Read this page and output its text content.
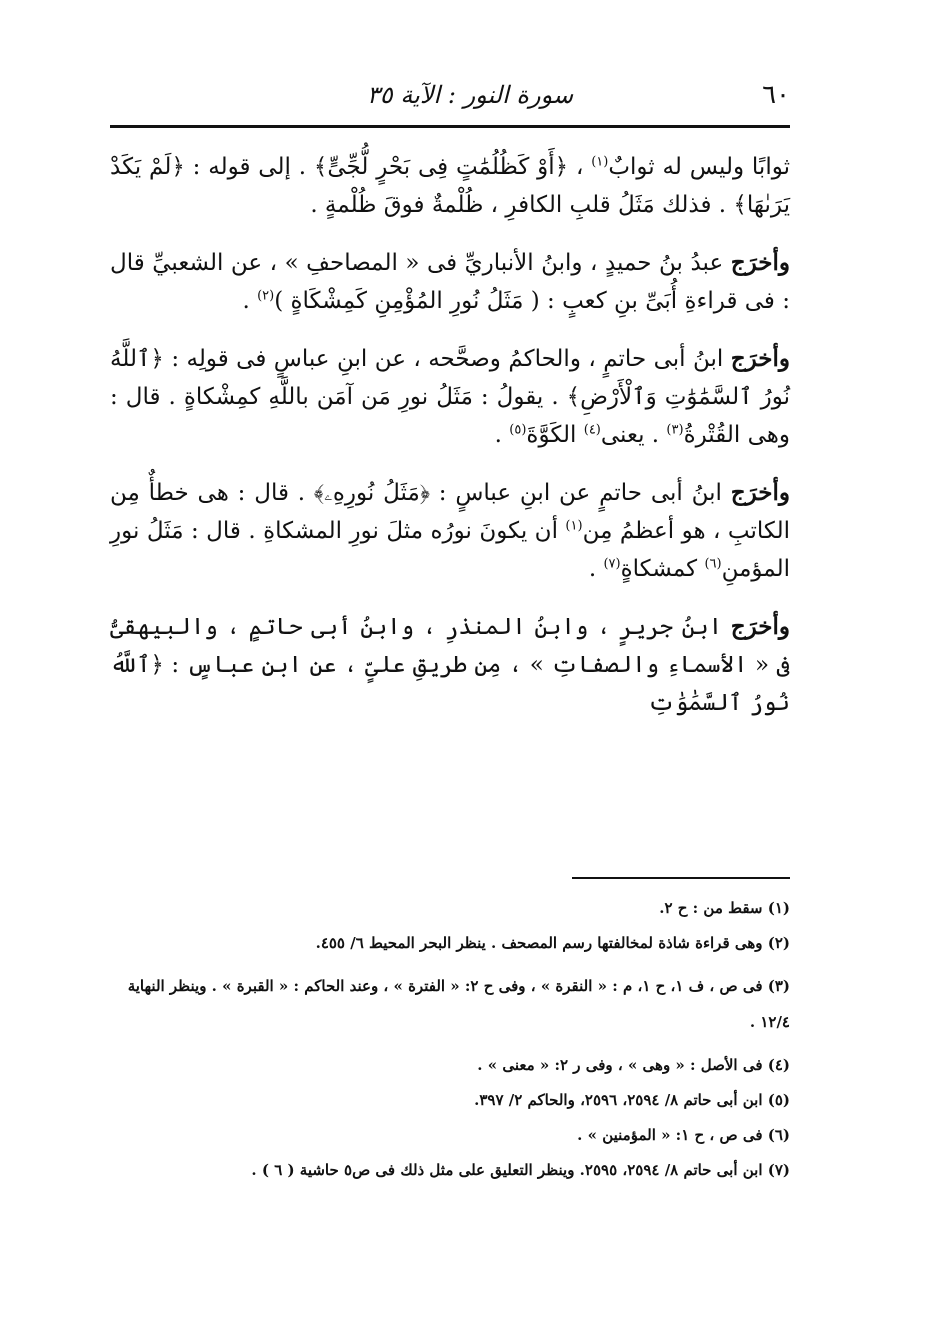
٦٠
سورة النور : الآية ٣٥

ثوابًا وليس له ثوابٌ$^{(١)}$ ، ﴿أَوْ كَظُلُمَٰتٍ فِى بَحْرٍ لُّجِّىٍّ﴾ . إلى قوله : ﴿لَمْ يَكَدْ يَرَىٰهَا﴾ . فذلك مَثَلُ قلبِ الكافرِ ، ظُلْمةٌ فوقَ ظُلْمةٍ .

وأخرَج عبدُ بنُ حميدٍ ، وابنُ الأنباريِّ فى « المصاحفِ » ، عن الشعبيِّ قال : فى قراءةِ أُبَىِّ بنِ كعبٍ : ( مَثَلُ نُورِ المُؤْمِنِ كَمِشْكَاةٍ )$^{(٢)}$ .

وأخرَج ابنُ أبى حاتمٍ ، والحاكمُ وصحَّحه ، عن ابنِ عباسٍ فى قولِه : ﴿ٱللَّهُ نُورُ ٱلسَّمَٰوَٰتِ وَٱلْأَرْضِ﴾ . يقولُ : مَثَلُ نورِ مَن آمَن باللَّهِ كمِشْكاةٍ . قال : وهى القُتْرةُ$^{(٣)}$ . يعنى$^{(٤)}$ الكَوَّةَ$^{(٥)}$ .

وأخرَج ابنُ أبى حاتمٍ عن ابنِ عباسٍ : ﴿مَثَلُ نُورِهِۦ﴾ . قال : هى خطأٌ مِن الكاتبِ ، هو أعظمُ مِن$^{(١)}$ أن يكونَ نورُه مثلَ نورِ المشكاةِ . قال : مَثَلُ نورِ المؤمنِ$^{(٦)}$ كمشكاةٍ$^{(٧)}$ .

وأخرَج ابنُ جريرٍ ، وابنُ المنذرِ ، وابنُ أبى حاتمٍ ، والبيهقىُّ فى « الأسماءِ والصفاتِ » ، مِن طريقِ علىٍّ ، عن ابنِ عباسٍ : ﴿ٱللَّهُ نُورُ ٱلسَّمَٰوَٰتِ

(١) سقط من : ح ٢.
(٢) وهى قراءة شاذة لمخالفتها رسم المصحف . ينظر البحر المحيط ٦/ ٤٥٥.
(٣) فى ص ، ف ١، ح ١، م : « النقرة » ، وفى ح ٢: « الفترة » ، وعند الحاكم : « القبرة » . وينظر النهاية ١٢/٤ .
(٤) فى الأصل : « وهى » ، وفى ر ٢: « معنى » .
(٥) ابن أبى حاتم ٨/ ٢٥٩٤، ٢٥٩٦، والحاكم ٢/ ٣٩٧.
(٦) فى ص ، ح ١: « المؤمنين » .
(٧) ابن أبى حاتم ٨/ ٢٥٩٤، ٢٥٩٥. وينظر التعليق على مثل ذلك فى ص٥ حاشية ( ٦ ) .
